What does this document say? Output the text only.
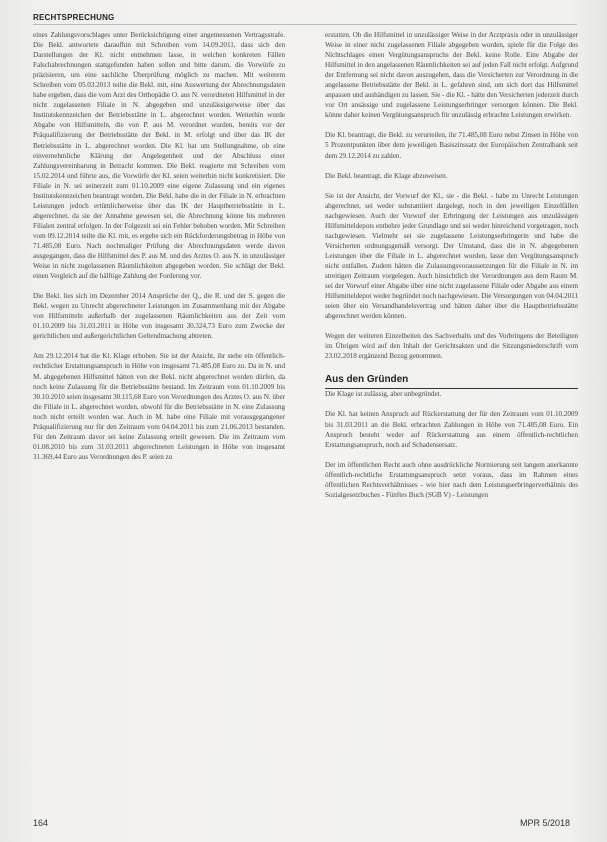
RECHTSPRECHUNG

eines Zahlungsvorschlages unter Berücksichtigung einer angemessenen Vertragsstrafe. Die Bekl. antwortete daraufhin mit Schreiben vom 14.09.2011, dass sich den Darstellungen der Kl. nicht entnehmen lasse, in welchen konkreten Fällen Falschabrechnungen stattgefunden haben sollen und bitte darum, die Vorwürfe zu präzisieren, um eine sachliche Überprüfung möglich zu machen. Mit weiterem Schreiben vom 05.03.2013 teilte die Bekl. mit, eine Auswertung der Abrechnungsdaten habe ergeben, dass die vom Arzt des Orthopädie O. aus N. verordneten Hilfsmittel in der nicht zugelassenen Filiale in N. abgegeben und unzulässigerweise über das Institutskennzeichen der Betriebsstätte in L. abgerechnet worden. Weiterhin wurde Abgabe von Hilfsmitteln, die von P. aus M. verordnet wurden, bereits vor der Präqualifizierung der Betriebsstätte der Bekl. in M. erfolgt und über das IK der Betriebsstätte in L. abgerechnet worden. Die Kl. bat um Stellungnahme, ob eine einvernehmliche Klärung der Angelegenheit und der Abschluss einer Zahlungsvereinbarung in Betracht kommen. Die Bekl. reagierte mit Schreiben vom 15.02.2014 und führte aus, die Vorwürfe der Kl. seien weiterhin nicht konkretisiert. Die Filiale in N. sei seinerzeit zum 01.10.2009 eine eigene Zulassung und ein eigenes Institutskennzeichen beantragt worden. Die Bekl. habe die in der Filiale in N. erbrachten Leistungen jedoch ertümlicherweise über das IK der Hauptbetriebsstätte in L. abgerechnet, da sie der Annahme gewesen sei, die Abrechnung könne bis mehreren Filialen zentral erfolgen. In der Folgezeit sei ein Fehler behoben worden. Mit Schreiben vom 09.12.2014 teilte die Kl. mit, es ergebe sich ein Rückforderungsbetrag in Höhe von 71.485,08 Euro. Nach nochmaliger Prüfung der Abrechnungsdaten werde davon ausgegangen, dass die Hilfsmittel des P. aus M. und des Arztes O. aus N. in unzulässiger Weise in nicht zugelassenen Räumlichkeiten abgegeben worden. Sie schlägt der Bekl. einen Vergleich auf die hälftige Zahlung der Forderung vor.

Die Bekl. lies sich im Dezember 2014 Ansprüche der Q., die R. und der S. gegen die Bekl. wegen zu Unrecht abgerechneter Leistungen im Zusammenhang mit der Abgabe von Hilfsmitteln außerhalb der zugelassenen Räumlichkeiten aus der Zeit vom 01.10.2009 bis 31.03.2011 in Höhe von insgesamt 30.324,73 Euro zum Zwecke der gerichtlichen und außergerichtlichen Geltendmachung abtreten.

Am 29.12.2014 hat die Kl. Klage erhoben. Sie ist der Ansicht, ihr stehe ein öffentlich-rechtlicher Erstattungsanspruch in Höhe von insgesamt 71.485,08 Euro zu. Da in N. und M. abgegebenen Hilfsmittel hätten von der Bekl. nicht abgerechnet werden dürfen, da noch keine Zulassung für die Betriebsstätte bestand. Im Zeitraum vom 01.10.2009 bis 30.10.2010 seien insgesamt 30.115,68 Euro von Verordnungen des Arztes O. aus N. über die Filiale in L. abgerechnet worden, obwohl für die Betriebsstätte in N. eine Zulassung noch nicht erteilt worden war. Auch in M. habe eine Filiale mit vorausgegangener Präqualifizierung nur für den Zeitraum vom 04.04.2011 bis zum 21.06.2013 bestanden. Für den Zeitraum davor sei keine Zulassung erteilt gewesen. Die im Zeitraum vom 01.08.2010 bis zum 31.03.2011 abgerechneten Leistungen in Höhe von insgesamt 31.369,44 Euro aus Verordnungen des P. seien zu

erstatten. Ob die Hilfsmittel in unzulässiger Weise in der Arztpraxis oder in unzulässiger Weise in einer nicht zugelassenen Filiale abgegeben worden, spiele für die Folge des Nichtschlages einen Vergütungsanspruchs der Bekl. keine Rolle. Eine Abgabe der Hilfsmittel in den angelassenen Räumlichkeiten sei auf jeden Fall nicht erfolgt. Aufgrund der Entfernung sei nicht davon auszugehen, dass die Versicherten zur Verordnung in die angelassene Betriebsstätte der Bekl. in L. gefahren sind, um sich dort das Hilfsmittel anpassen und aushändigen zu lassen. Sie - die Kl. - hätte den Versicherten jederzeit durch vor Ort ansässige und zugelassene Leistungserbringer versorgen können. Die Bekl. könne daher keinen Vergütungsanspruch für unzulässig erbrachte Leistungen erwirken.

Die Kl. beantragt, die Bekl. zu verurteilen, ihr 71.485,08 Euro nebst Zinsen in Höhe von 5 Prozentpunkten über dem jeweiligen Basiszinssatz der Europäischen Zentralbank seit dem 29.12.2014 zu zahlen.

Die Bekl. beantragt, die Klage abzuweisen.

Sie ist der Ansicht, der Vorwurf der Kl., sie - die Bekl. - habe zu Unrecht Leistungen abgerechnet, sei weder substantiiert dargelegt, noch in den jeweiligen Einzelfällen nachgewiesen. Auch der Vorwurf der Erbringung der Leistungen aus unzulässigen Hilfsmitteldepots entbehre jeder Grundlage und sei weder hinreichend vorgetragen, noch nachgewiesen. Vielmehr sei sie zugelassene Leistungserbringerin und habe die Versicherten ordnungsgemäß versorgt. Der Umstand, dass die in N. abgegebenen Leistungen über die Filiale in L. abgerechnet wurden, lasse den Vergütungsanspruch nicht entfallen. Zudem hätten die Zulassungsvoraussetzungen für die Filiale in N. im streitigen Zeitraum vorgelegen. Auch hinsichtlich der Verordnungen aus dem Raum M. sei der Vorwurf einer Abgabe über eine nicht zugelassene Filiale oder Abgabe aus einem Hilfsmitteldepot weder begründet noch nachgewiesen. Die Versorgungen von 04.04.2011 seien über ein Versandhandelsvertrag und hätten daher über die Hauptbetriebsstätte abgerechnet werden können.

Wegen der weiteren Einzelheiten des Sachverhalts und des Vorbringens der Beteiligten im Übrigen wird auf den Inhalt der Gerichtsakten und die Sitzungsniederschrift vom 23.02.2018 ergänzend Bezug genommen.

Aus den Gründen

Die Klage ist zulässig, aber unbegründet.

Die Kl. hat keinen Anspruch auf Rückerstattung der für den Zeitraum vom 01.10.2009 bis 31.03.2011 an die Bekl. erbrachten Zahlungen in Höhe von 71.485,08 Euro. Ein Anspruch besteht weder auf Rückerstattung aus einem öffentlich-rechtlichen Erstattungsanspruch, noch auf Schadensersatz.

Der im öffentlichen Recht auch ohne ausdrückliche Normierung seit langem anerkannte öffentlich-rechtliche Erstattungsanspruch setzt voraus, dass im Rahmen eines öffentlichen Rechtsverhältnisses - wie hier nach dem Leistungserbringerverhältnis des Sozialgesetzbuches - Fünftes Buch (SGB V) - Leistungen

164	MPR 5/2018
